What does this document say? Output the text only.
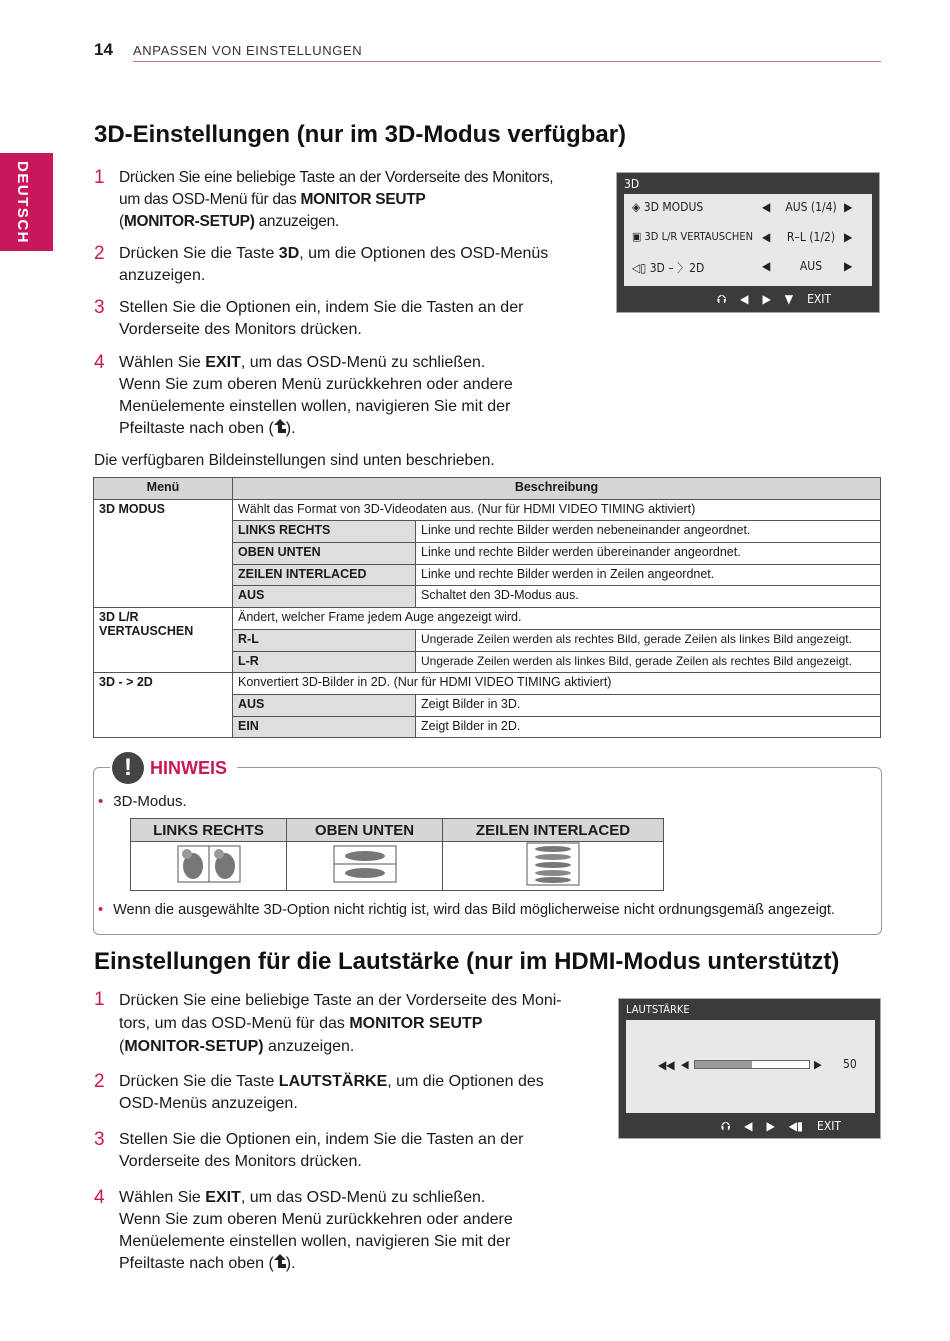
14 ANPASSEN VON EINSTELLUNGEN
DEUTSCH
3D-Einstellungen (nur im 3D-Modus verfügbar)
1 Drücken Sie eine beliebige Taste an der Vorderseite des Monitors,
um das OSD-Menü für das MONITOR SEUTP
(MONITOR-SETUP) anzuzeigen.
2 Drücken Sie die Taste 3D, um die Optionen des OSD-Menüs
anzuzeigen.
3 Stellen Sie die Optionen ein, indem Sie die Tasten an der
Vorderseite des Monitors drücken.
4 Wählen Sie EXIT, um das OSD-Menü zu schließen.
Wenn Sie zum oberen Menü zurückkehren oder andere
Menüelemente einstellen wollen, navigieren Sie mit der
Pfeiltaste nach oben ( ).
Die verfügbaren Bildeinstellungen sind unten beschrieben.
3D
◈ 3D MODUS	◀	AUS (1/4) ▶
▣ 3D L/R VERTAUSCHEN ◀	R–L (1/2) ▶
◁▯ 3D – 〉2D	◀	AUS	▶
⮉ ◀ ▶ ▼ EXIT
Menü	Beschreibung	
3D MODUS	Wählt das Format von 3D-Videodaten aus. (Nur für HDMI VIDEO TIMING aktiviert)	
	LINKS RECHTS	Linke und rechte Bilder werden nebeneinander angeordnet.
	OBEN UNTEN	Linke und rechte Bilder werden übereinander angeordnet.
	ZEILEN INTERLACED	Linke und rechte Bilder werden in Zeilen angeordnet.
	AUS	Schaltet den 3D-Modus aus.
3D L/R
VERTAUSCHEN	Ändert, welcher Frame jedem Auge angezeigt wird.	
	R-L	Ungerade Zeilen werden als rechtes Bild, gerade Zeilen als linkes Bild angezeigt.
	L-R	Ungerade Zeilen werden als linkes Bild, gerade Zeilen als rechtes Bild angezeigt.
3D - > 2D	Konvertiert 3D-Bilder in 2D. (Nur für HDMI VIDEO TIMING aktiviert)	
	AUS	Zeigt Bilder in 3D.
	EIN	Zeigt Bilder in 2D.
!	HINWEIS
• 3D-Modus.
LINKS RECHTS	OBEN UNTEN	ZEILEN INTERLACED

• Wenn die ausgewählte 3D-Option nicht richtig ist, wird das Bild möglicherweise nicht ordnungsgemäß angezeigt.
Einstellungen für die Lautstärke (nur im HDMI-Modus unterstützt)
1 Drücken Sie eine beliebige Taste an der Vorderseite des Moni-
tors, um das OSD-Menü für das MONITOR SEUTP
(MONITOR-SETUP) anzuzeigen.
2 Drücken Sie die Taste LAUTSTÄRKE, um die Optionen des
OSD-Menüs anzuzeigen.
3 Stellen Sie die Optionen ein, indem Sie die Tasten an der
Vorderseite des Monitors drücken.
4 Wählen Sie EXIT, um das OSD-Menü zu schließen.
Wenn Sie zum oberen Menü zurückkehren oder andere
Menüelemente einstellen wollen, navigieren Sie mit der
Pfeiltaste nach oben ( ).
LAUTSTÄRKE
◀◀ ◀	▶ 50
⮉ ◀ ▶ ◀▮ EXIT
